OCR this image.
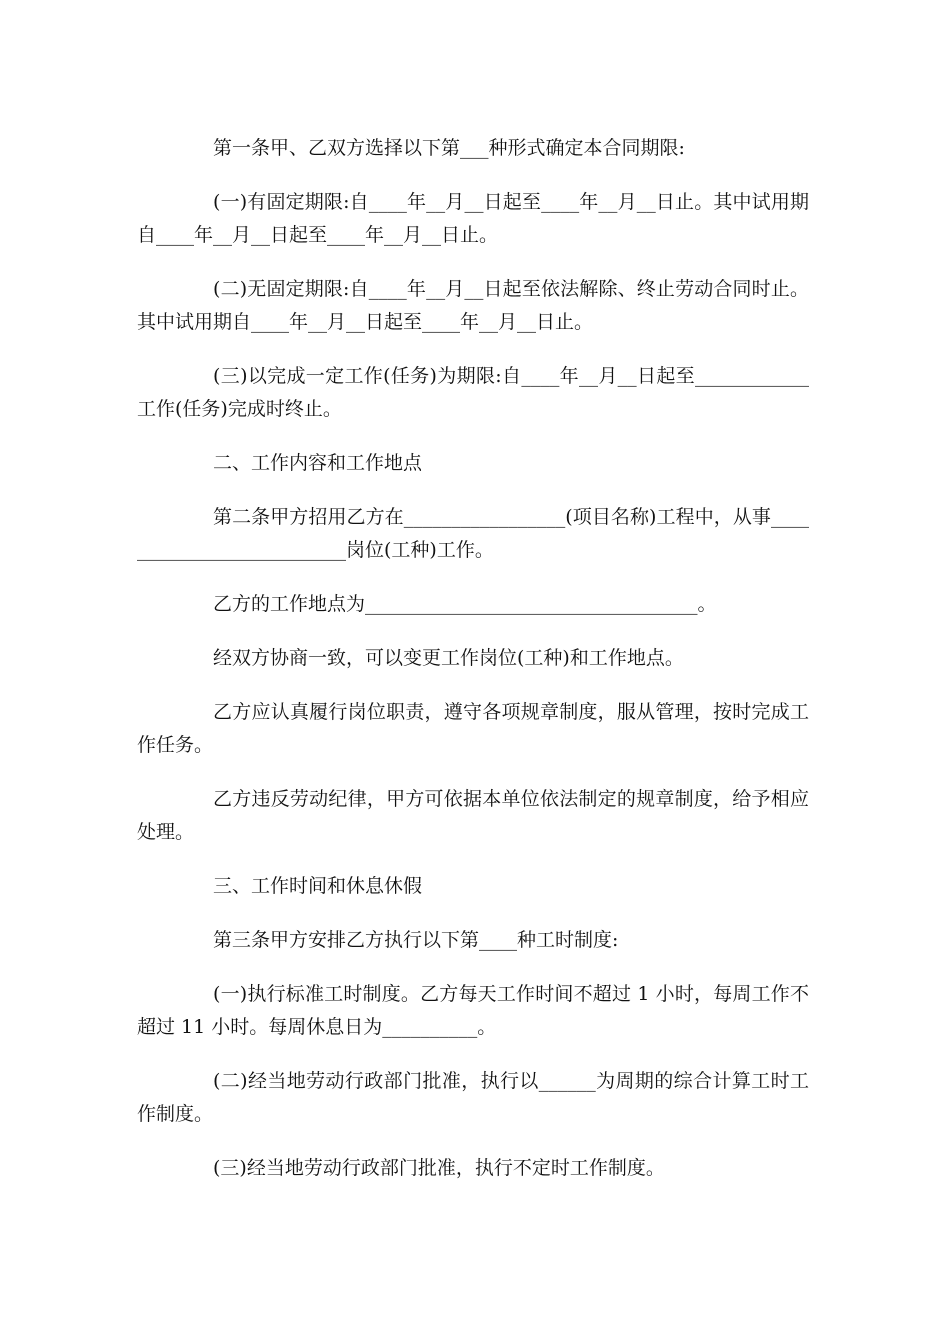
第一条甲、乙双方选择以下第___种形式确定本合同期限:

(一)有固定期限:自____年__月__日起至____年__月__日止。其中试用期自____年__月__日起至____年__月__日止。

(二)无固定期限:自____年__月__日起至依法解除、终止劳动合同时止。其中试用期自____年__月__日起至____年__月__日止。

(三)以完成一定工作(任务)为期限:自____年__月__日起至____________工作(任务)完成时终止。

二、工作内容和工作地点

第二条甲方招用乙方在_________________(项目名称)工程中，从事__________________________岗位(工种)工作。

乙方的工作地点为___________________________________。

经双方协商一致，可以变更工作岗位(工种)和工作地点。

乙方应认真履行岗位职责，遵守各项规章制度，服从管理，按时完成工作任务。

乙方违反劳动纪律，甲方可依据本单位依法制定的规章制度，给予相应处理。

三、工作时间和休息休假

第三条甲方安排乙方执行以下第____种工时制度:

(一)执行标准工时制度。乙方每天工作时间不超过 1 小时，每周工作不超过 11 小时。每周休息日为__________。

(二)经当地劳动行政部门批准，执行以______为周期的综合计算工时工作制度。

(三)经当地劳动行政部门批准，执行不定时工作制度。
